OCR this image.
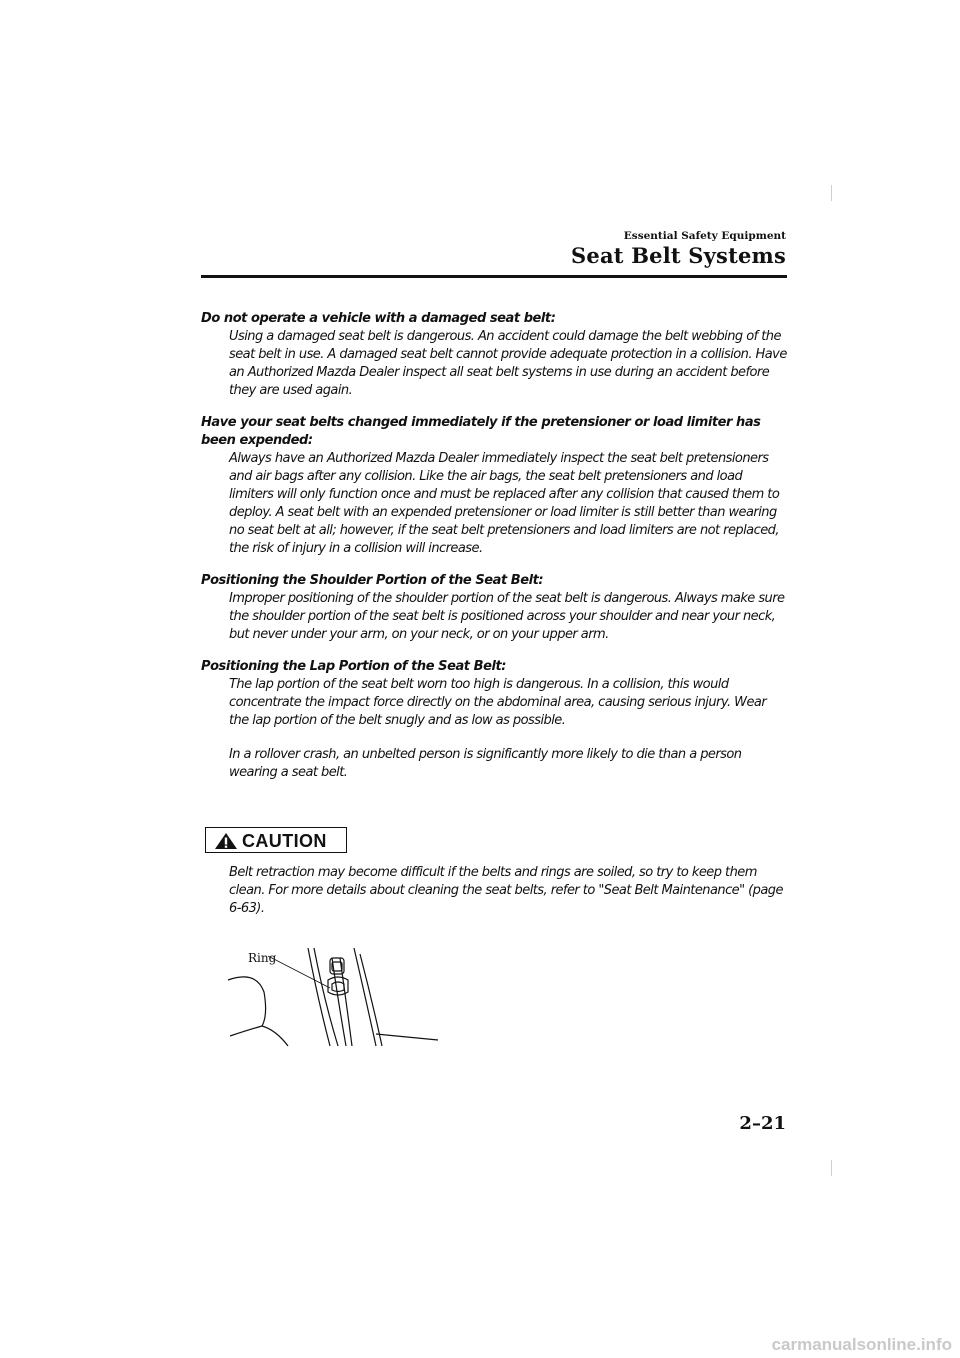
Essential Safety Equipment
Seat Belt Systems
Do not operate a vehicle with a damaged seat belt:

Using a damaged seat belt is dangerous. An accident could damage the belt webbing of the seat belt in use. A damaged seat belt cannot provide adequate protection in a collision. Have an Authorized Mazda Dealer inspect all seat belt systems in use during an accident before they are used again.

Have your seat belts changed immediately if the pretensioner or load limiter has been expended:

Always have an Authorized Mazda Dealer immediately inspect the seat belt pretensioners and air bags after any collision. Like the air bags, the seat belt pretensioners and load limiters will only function once and must be replaced after any collision that caused them to deploy. A seat belt with an expended pretensioner or load limiter is still better than wearing no seat belt at all; however, if the seat belt pretensioners and load limiters are not replaced, the risk of injury in a collision will increase.

Positioning the Shoulder Portion of the Seat Belt:

Improper positioning of the shoulder portion of the seat belt is dangerous. Always make sure the shoulder portion of the seat belt is positioned across your shoulder and near your neck, but never under your arm, on your neck, or on your upper arm.

Positioning the Lap Portion of the Seat Belt:

The lap portion of the seat belt worn too high is dangerous. In a collision, this would concentrate the impact force directly on the abdominal area, causing serious injury. Wear the lap portion of the belt snugly and as low as possible.

In a rollover crash, an unbelted person is significantly more likely to die than a person wearing a seat belt.

CAUTION
Belt retraction may become difficult if the belts and rings are soiled, so try to keep them clean. For more details about cleaning the seat belts, refer to "Seat Belt Maintenance" (page 6-63).
Ring
2–21
carmanualsonline.info
